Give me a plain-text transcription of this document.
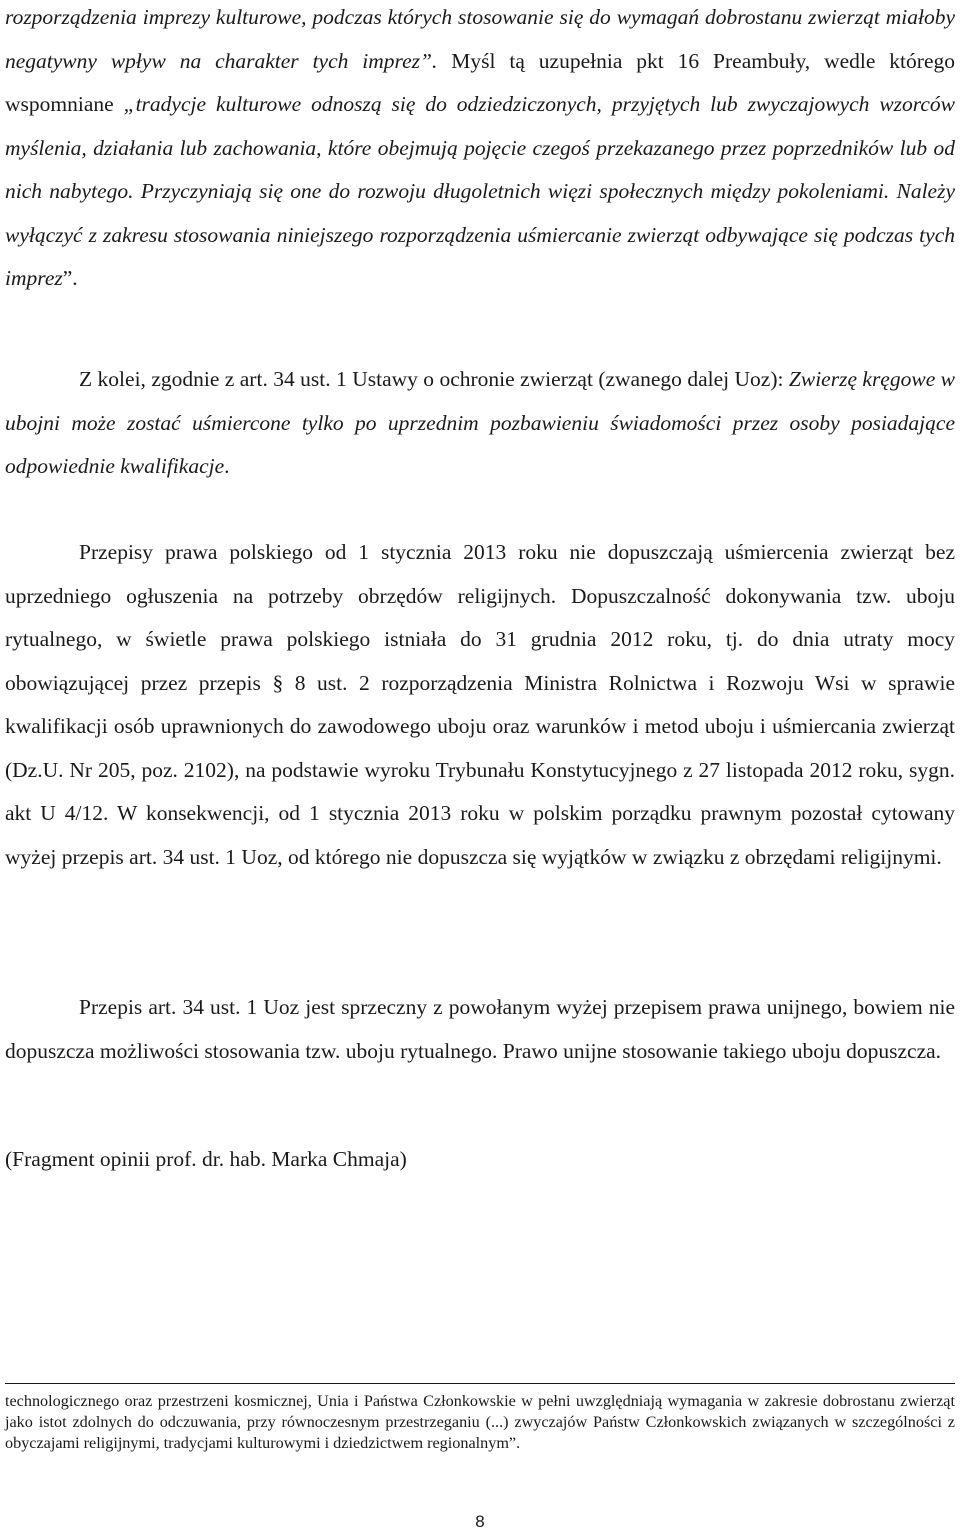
rozporządzenia imprezy kulturowe, podczas których stosowanie się do wymagań dobrostanu zwierząt miałoby negatywny wpływ na charakter tych imprez”. Myśl tą uzupełnia pkt 16 Preambuły, wedle którego wspomniane „tradycje kulturowe odnoszą się do odziedziczonych, przyjętych lub zwyczajowych wzorców myślenia, działania lub zachowania, które obejmują pojęcie czegoś przekazanego przez poprzedników lub od nich nabytego. Przyczyniają się one do rozwoju długoletnich więzi społecznych między pokoleniami. Należy wyłączyć z zakresu stosowania niniejszego rozporządzenia uśmiercanie zwierząt odbywające się podczas tych imprez”.

Z kolei, zgodnie z art. 34 ust. 1 Ustawy o ochronie zwierząt (zwanego dalej Uoz): Zwierzę kręgowe w ubojni może zostać uśmiercone tylko po uprzednim pozbawieniu świadomości przez osoby posiadające odpowiednie kwalifikacje.

Przepisy prawa polskiego od 1 stycznia 2013 roku nie dopuszczają uśmiercenia zwierząt bez uprzedniego ogłuszenia na potrzeby obrzędów religijnych. Dopuszczalność dokonywania tzw. uboju rytualnego, w świetle prawa polskiego istniała do 31 grudnia 2012 roku, tj. do dnia utraty mocy obowiązującej przez przepis § 8 ust. 2 rozporządzenia Ministra Rolnictwa i Rozwoju Wsi w sprawie kwalifikacji osób uprawnionych do zawodowego uboju oraz warunków i metod uboju i uśmiercania zwierząt (Dz.U. Nr 205, poz. 2102), na podstawie wyroku Trybunału Konstytucyjnego z 27 listopada 2012 roku, sygn. akt U 4/12. W konsekwencji, od 1 stycznia 2013 roku w polskim porządku prawnym pozostał cytowany wyżej przepis art. 34 ust. 1 Uoz, od którego nie dopuszcza się wyjątków w związku z obrzędami religijnymi.

Przepis art. 34 ust. 1 Uoz jest sprzeczny z powołanym wyżej przepisem prawa unijnego, bowiem nie dopuszcza możliwości stosowania tzw. uboju rytualnego. Prawo unijne stosowanie takiego uboju dopuszcza.

(Fragment opinii prof. dr. hab. Marka Chmaja)

technologicznego oraz przestrzeni kosmicznej, Unia i Państwa Członkowskie w pełni uwzględniają wymagania w zakresie dobrostanu zwierząt jako istot zdolnych do odczuwania, przy równoczesnym przestrzeganiu (...) zwyczajów Państw Członkowskich związanych w szczególności z obyczajami religijnymi, tradycjami kulturowymi i dziedzictwem regionalnym”.

8
